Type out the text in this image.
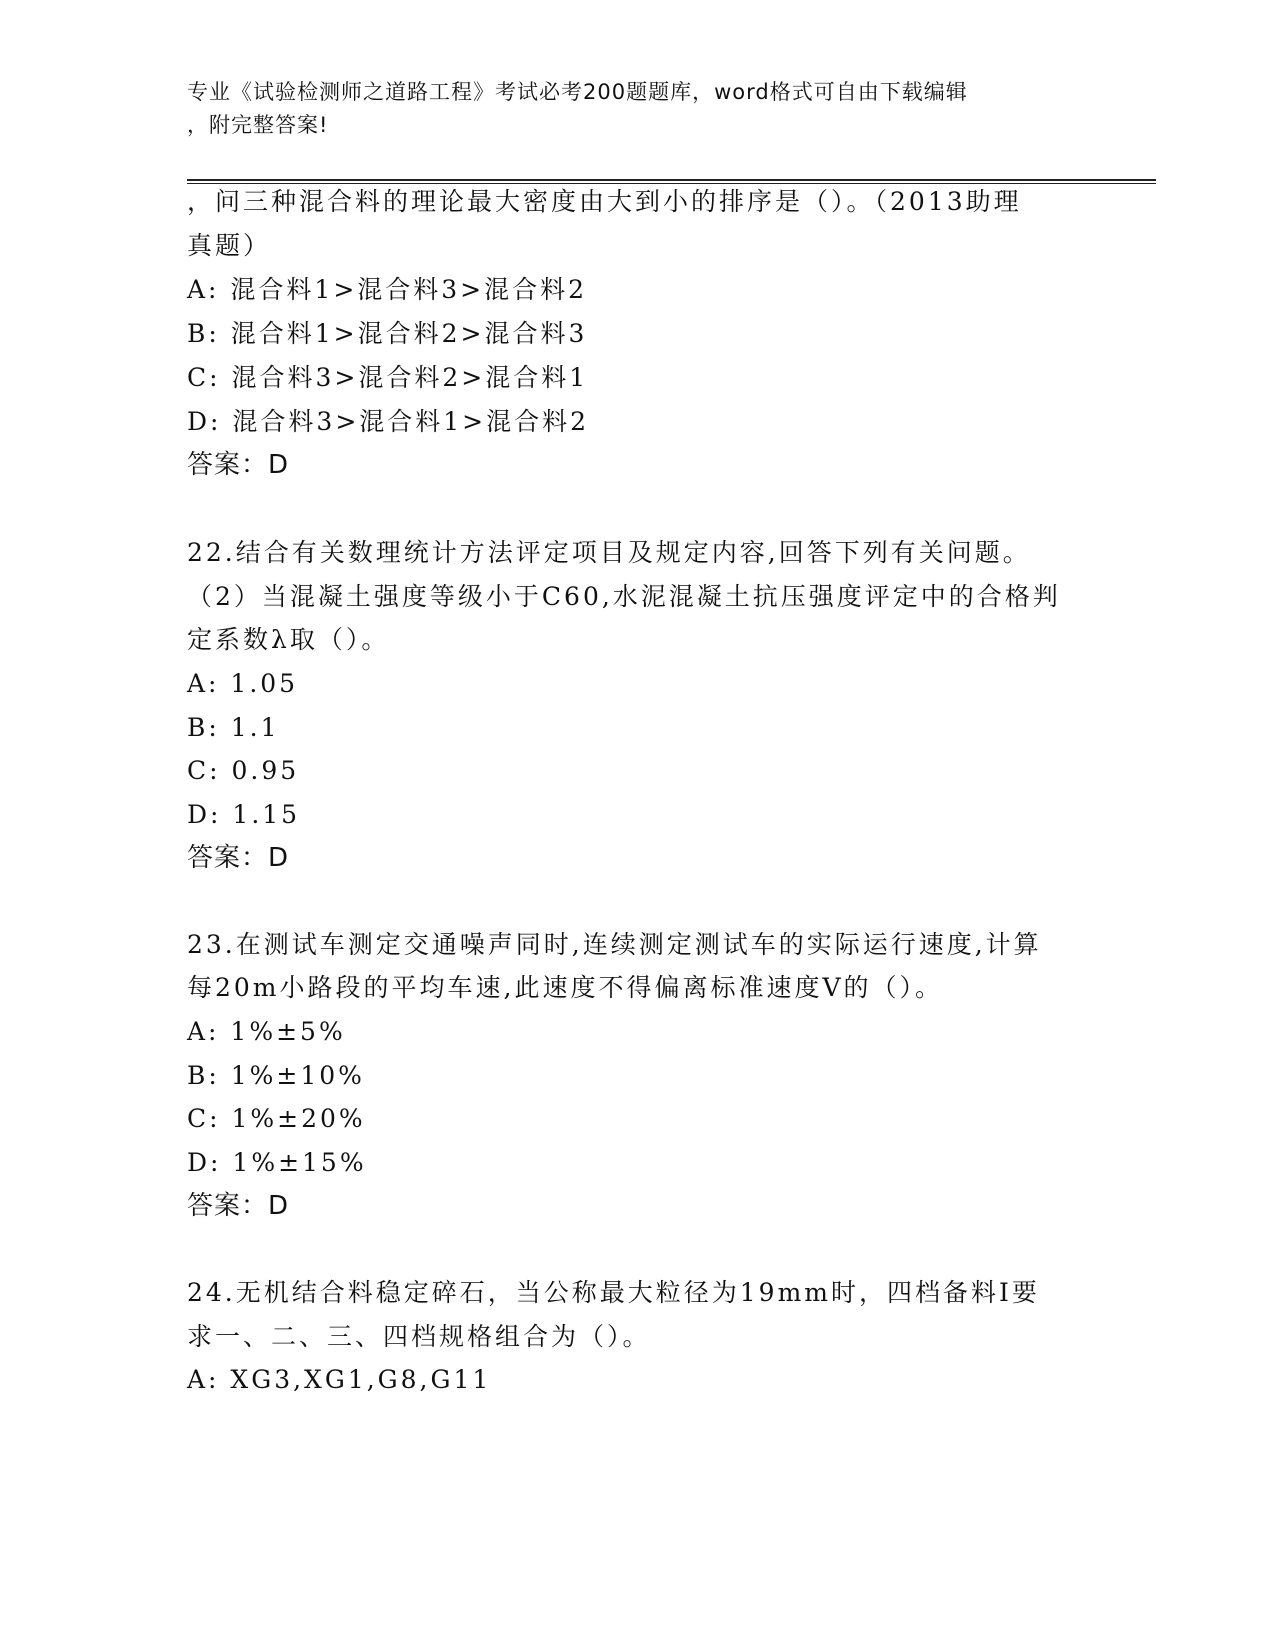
专业《试验检测师之道路工程》考试必考200题题库，word格式可自由下载编辑
，附完整答案!
，问三种混合料的理论最大密度由大到小的排序是（）。（2013助理
真题）
A: 混合料1>混合料3>混合料2
B: 混合料1>混合料2>混合料3
C: 混合料3>混合料2>混合料1
D: 混合料3>混合料1>混合料2
答案：D
22.结合有关数理统计方法评定项目及规定内容,回答下列有关问题。
（2）当混凝土强度等级小于C60,水泥混凝土抗压强度评定中的合格判
定系数λ取（）。
A: 1.05
B: 1.1
C: 0.95
D: 1.15
答案：D
23.在测试车测定交通噪声同时,连续测定测试车的实际运行速度,计算
每20m小路段的平均车速,此速度不得偏离标准速度V的（）。
A: 1%±5%
B: 1%±10%
C: 1%±20%
D: 1%±15%
答案：D
24.无机结合料稳定碎石，当公称最大粒径为19mm时，四档备料I要
求一、二、三、四档规格组合为（）。
A: XG3,XG1,G8,G11
